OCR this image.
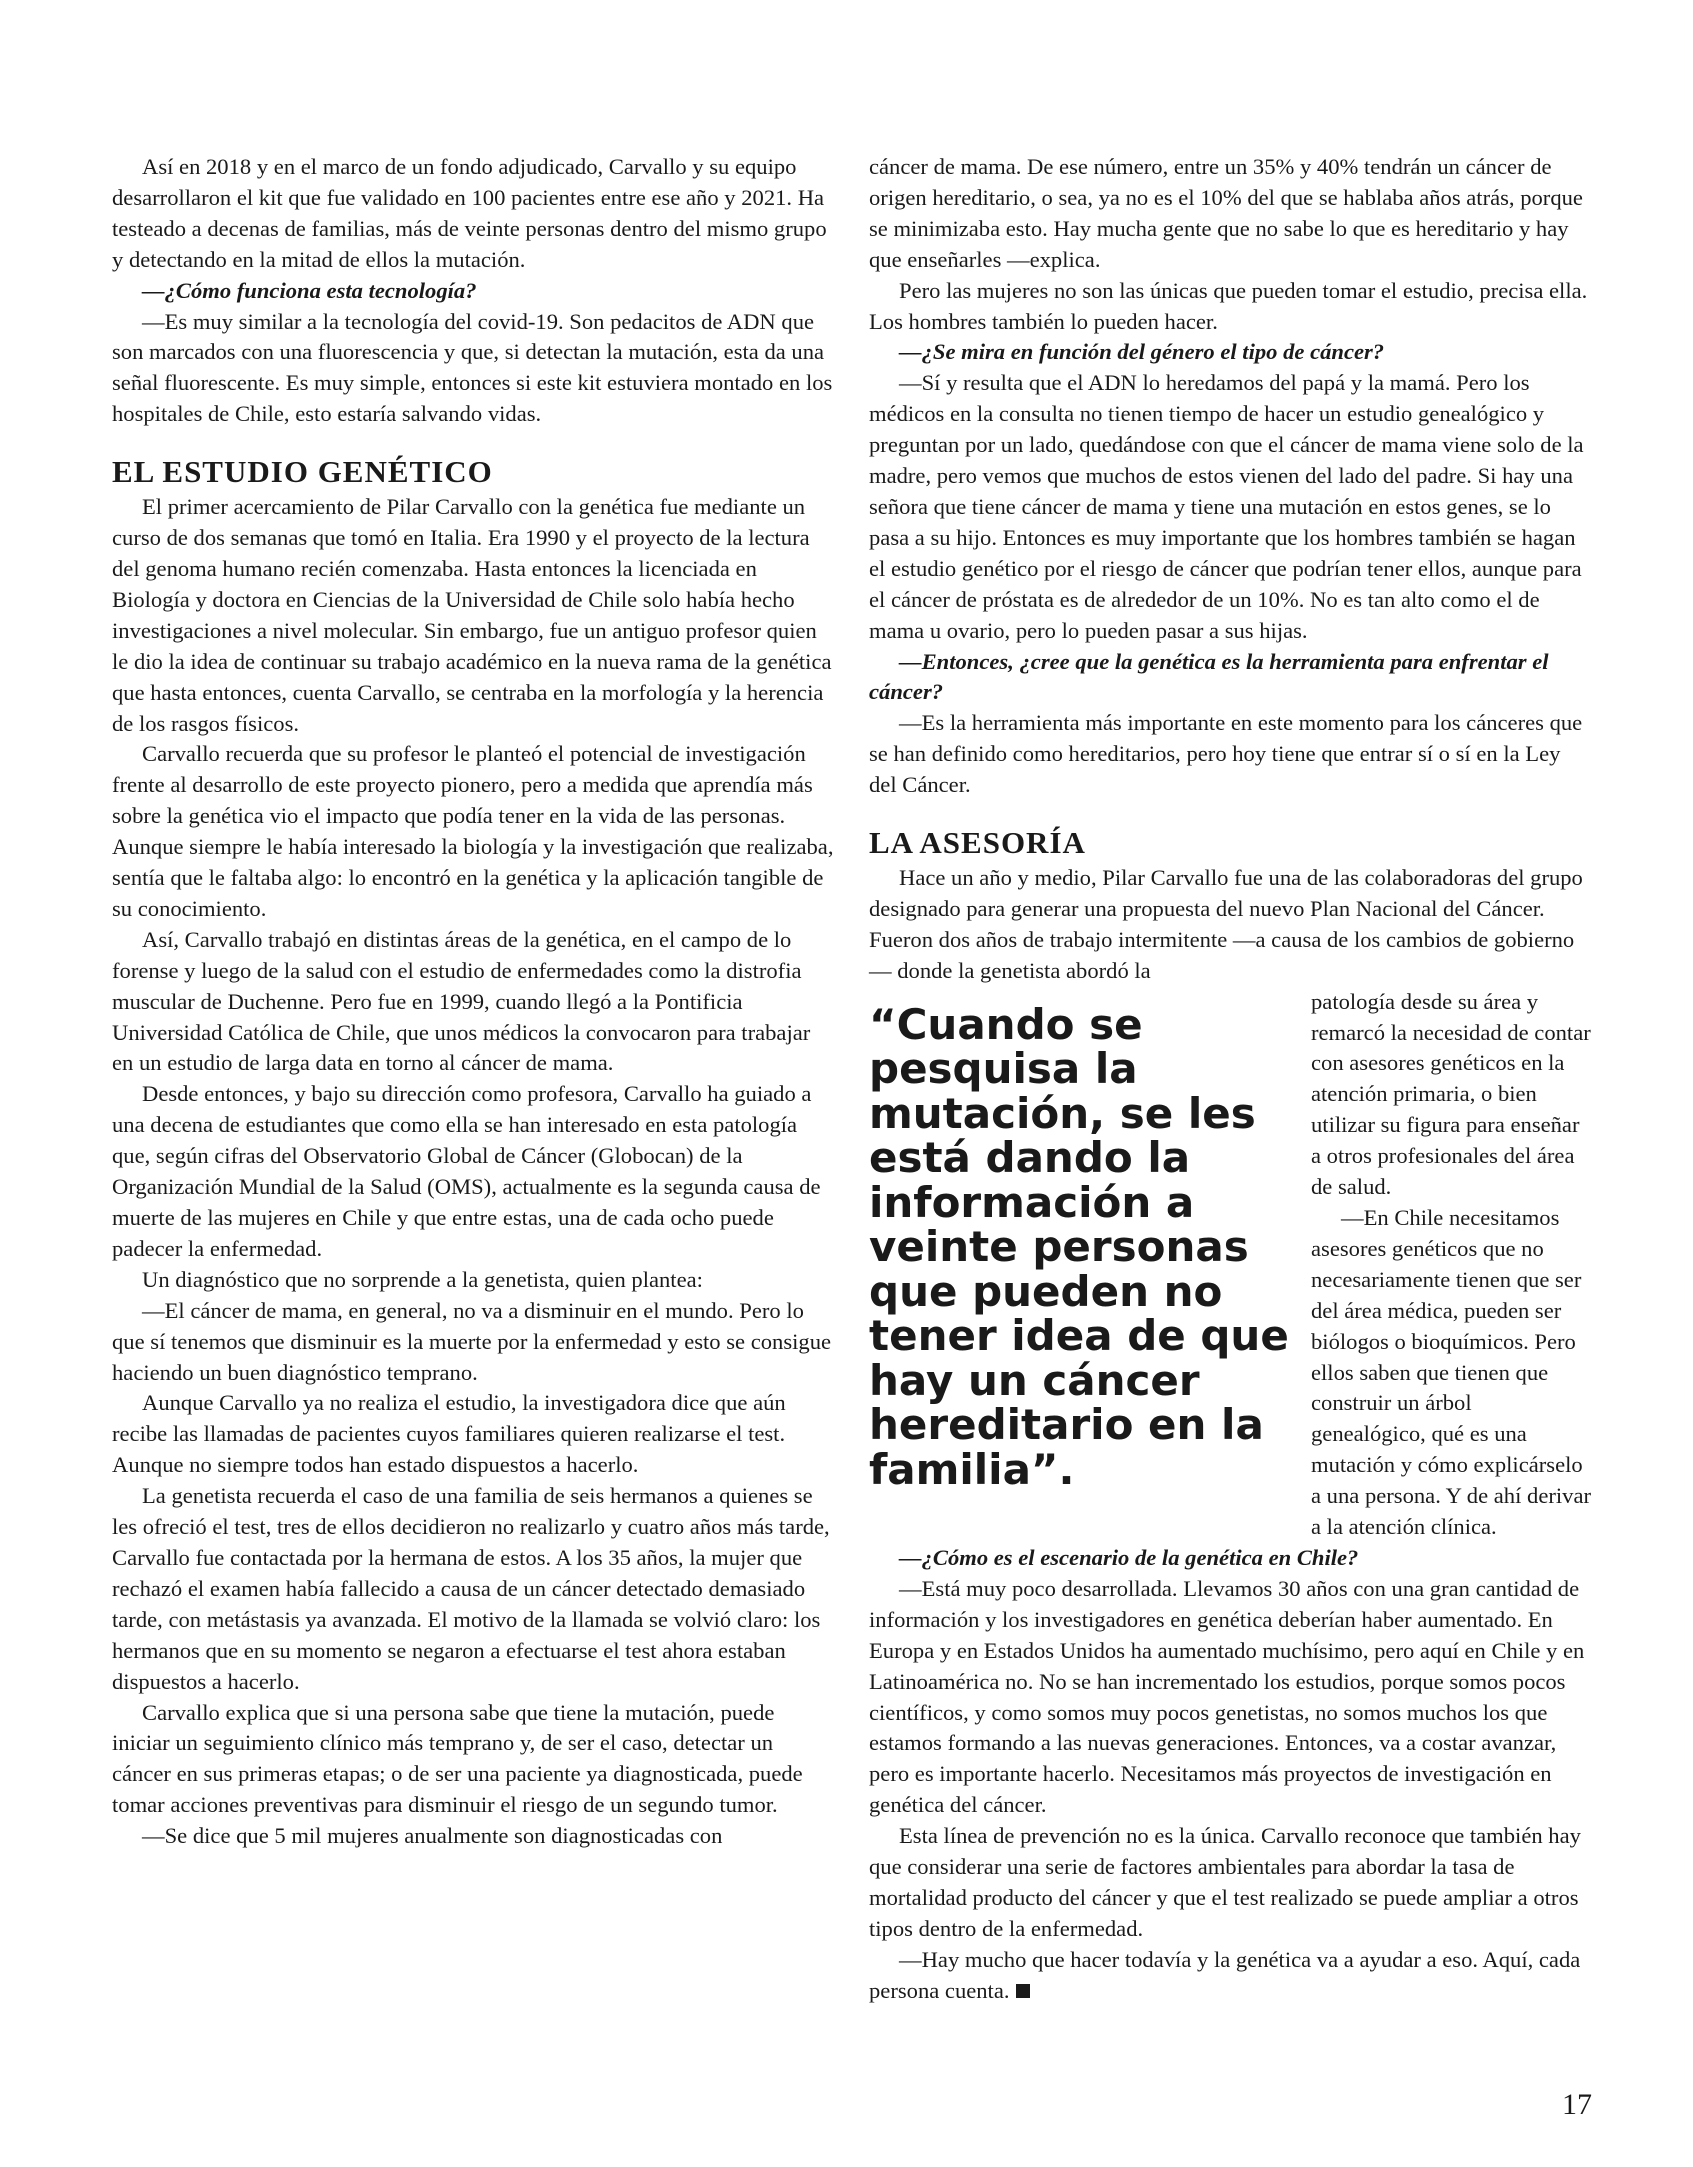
Así en 2018 y en el marco de un fondo adjudicado, Carvallo y su equipo desarrollaron el kit que fue validado en 100 pacientes entre ese año y 2021. Ha testeado a decenas de familias, más de veinte personas dentro del mismo grupo y detectando en la mitad de ellos la mutación.

—¿Cómo funciona esta tecnología?

—Es muy similar a la tecnología del covid-19. Son pedacitos de ADN que son marcados con una fluorescencia y que, si detectan la mutación, esta da una señal fluorescente. Es muy simple, entonces si este kit estuviera montado en los hospitales de Chile, esto estaría salvando vidas.

EL ESTUDIO GENÉTICO

El primer acercamiento de Pilar Carvallo con la genética fue mediante un curso de dos semanas que tomó en Italia. Era 1990 y el proyecto de la lectura del genoma humano recién comenzaba. Hasta entonces la licenciada en Biología y doctora en Ciencias de la Universidad de Chile solo había hecho investigaciones a nivel molecular. Sin embargo, fue un antiguo profesor quien le dio la idea de continuar su trabajo académico en la nueva rama de la genética que hasta entonces, cuenta Carvallo, se centraba en la morfología y la herencia de los rasgos físicos.

Carvallo recuerda que su profesor le planteó el potencial de investigación frente al desarrollo de este proyecto pionero, pero a medida que aprendía más sobre la genética vio el impacto que podía tener en la vida de las personas. Aunque siempre le había interesado la biología y la investigación que realizaba, sentía que le faltaba algo: lo encontró en la genética y la aplicación tangible de su conocimiento.

Así, Carvallo trabajó en distintas áreas de la genética, en el campo de lo forense y luego de la salud con el estudio de enfermedades como la distrofia muscular de Duchenne. Pero fue en 1999, cuando llegó a la Pontificia Universidad Católica de Chile, que unos médicos la convocaron para trabajar en un estudio de larga data en torno al cáncer de mama.

Desde entonces, y bajo su dirección como profesora, Carvallo ha guiado a una decena de estudiantes que como ella se han interesado en esta patología que, según cifras del Observatorio Global de Cáncer (Globocan) de la Organización Mundial de la Salud (OMS), actualmente es la segunda causa de muerte de las mujeres en Chile y que entre estas, una de cada ocho puede padecer la enfermedad.

Un diagnóstico que no sorprende a la genetista, quien plantea:

—El cáncer de mama, en general, no va a disminuir en el mundo. Pero lo que sí tenemos que disminuir es la muerte por la enfermedad y esto se consigue haciendo un buen diagnóstico temprano.

Aunque Carvallo ya no realiza el estudio, la investigadora dice que aún recibe las llamadas de pacientes cuyos familiares quieren realizarse el test. Aunque no siempre todos han estado dispuestos a hacerlo.

La genetista recuerda el caso de una familia de seis hermanos a quienes se les ofreció el test, tres de ellos decidieron no realizarlo y cuatro años más tarde, Carvallo fue contactada por la hermana de estos. A los 35 años, la mujer que rechazó el examen había fallecido a causa de un cáncer detectado demasiado tarde, con metástasis ya avanzada. El motivo de la llamada se volvió claro: los hermanos que en su momento se negaron a efectuarse el test ahora estaban dispuestos a hacerlo.

Carvallo explica que si una persona sabe que tiene la mutación, puede iniciar un seguimiento clínico más temprano y, de ser el caso, detectar un cáncer en sus primeras etapas; o de ser una paciente ya diagnosticada, puede tomar acciones preventivas para disminuir el riesgo de un segundo tumor.

—Se dice que 5 mil mujeres anualmente son diagnosticadas con

cáncer de mama. De ese número, entre un 35% y 40% tendrán un cáncer de origen hereditario, o sea, ya no es el 10% del que se hablaba años atrás, porque se minimizaba esto. Hay mucha gente que no sabe lo que es hereditario y hay que enseñarles —explica.

Pero las mujeres no son las únicas que pueden tomar el estudio, precisa ella. Los hombres también lo pueden hacer.

—¿Se mira en función del género el tipo de cáncer?

—Sí y resulta que el ADN lo heredamos del papá y la mamá. Pero los médicos en la consulta no tienen tiempo de hacer un estudio genealógico y preguntan por un lado, quedándose con que el cáncer de mama viene solo de la madre, pero vemos que muchos de estos vienen del lado del padre. Si hay una señora que tiene cáncer de mama y tiene una mutación en estos genes, se lo pasa a su hijo. Entonces es muy importante que los hombres también se hagan el estudio genético por el riesgo de cáncer que podrían tener ellos, aunque para el cáncer de próstata es de alrededor de un 10%. No es tan alto como el de mama u ovario, pero lo pueden pasar a sus hijas.

—Entonces, ¿cree que la genética es la herramienta para enfrentar el cáncer?

—Es la herramienta más importante en este momento para los cánceres que se han definido como hereditarios, pero hoy tiene que entrar sí o sí en la Ley del Cáncer.

LA ASESORÍA

Hace un año y medio, Pilar Carvallo fue una de las colaboradoras del grupo designado para generar una propuesta del nuevo Plan Nacional del Cáncer. Fueron dos años de trabajo intermitente —a causa de los cambios de gobierno— donde la genetista abordó la

“Cuando se pesquisa la mutación, se les está dando la información a veinte personas que pueden no tener idea de que hay un cáncer hereditario en la familia”.

patología desde su área y remarcó la necesidad de contar con asesores genéticos en la atención primaria, o bien utilizar su figura para enseñar a otros profesionales del área de salud.

—En Chile necesitamos asesores genéticos que no necesariamente tienen que ser del área médica, pueden ser biólogos o bioquímicos. Pero ellos saben que tienen que construir un árbol genealógico, qué es una mutación y cómo explicárselo a una persona. Y de ahí derivar a la atención clínica.

—¿Cómo es el escenario de la genética en Chile?

—Está muy poco desarrollada. Llevamos 30 años con una gran cantidad de información y los investigadores en genética deberían haber aumentado. En Europa y en Estados Unidos ha aumentado muchísimo, pero aquí en Chile y en Latinoamérica no. No se han incrementado los estudios, porque somos pocos científicos, y como somos muy pocos genetistas, no somos muchos los que estamos formando a las nuevas generaciones. Entonces, va a costar avanzar, pero es importante hacerlo. Necesitamos más proyectos de investigación en genética del cáncer.

Esta línea de prevención no es la única. Carvallo reconoce que también hay que considerar una serie de factores ambientales para abordar la tasa de mortalidad producto del cáncer y que el test realizado se puede ampliar a otros tipos dentro de la enfermedad.

—Hay mucho que hacer todavía y la genética va a ayudar a eso. Aquí, cada persona cuenta.

17
